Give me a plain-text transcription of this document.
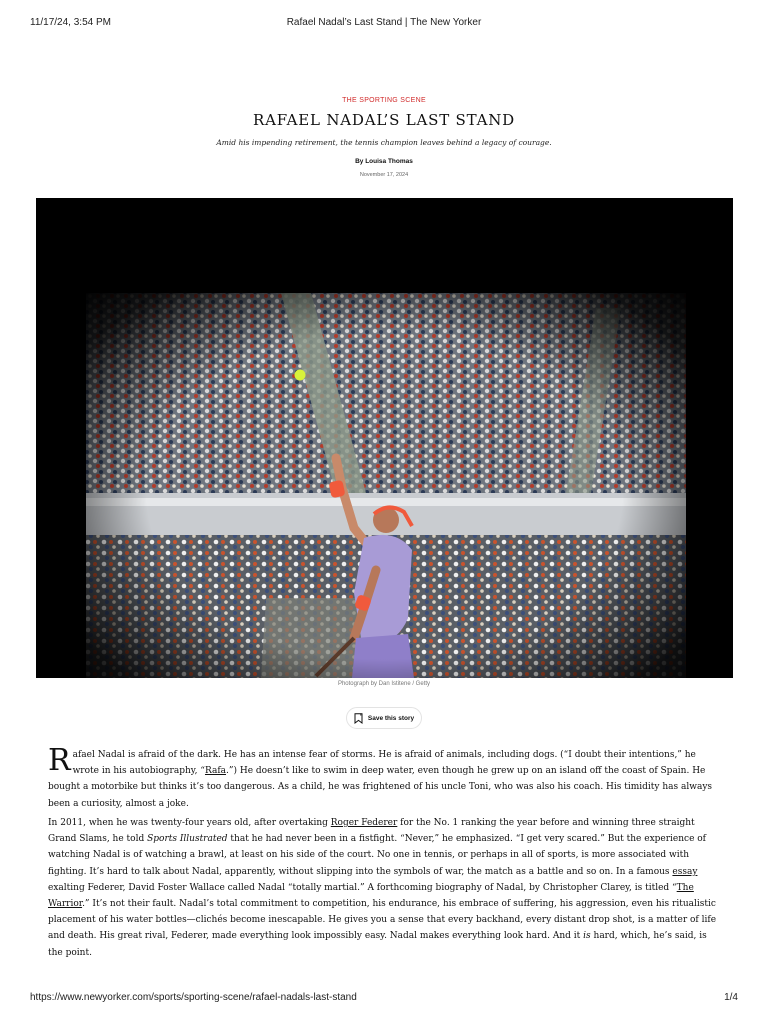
11/17/24, 3:54 PM	Rafael Nadal’s Last Stand | The New Yorker
THE SPORTING SCENE
RAFAEL NADAL’S LAST STAND
Amid his impending retirement, the tennis champion leaves behind a legacy of courage.
By Louisa Thomas
November 17, 2024
Photograph by Dan Istitene / Getty
Save this story
Rafael Nadal is afraid of the dark. He has an intense fear of storms. He is afraid of animals, including dogs. (“I doubt their intentions,” he wrote in his autobiography, “Rafa.”) He doesn’t like to swim in deep water, even though he grew up on an island off the coast of Spain. He bought a motorbike but thinks it’s too dangerous. As a child, he was frightened of his uncle Toni, who was also his coach. His timidity has always been a curiosity, almost a joke.
In 2011, when he was twenty-four years old, after overtaking Roger Federer for the No. 1 ranking the year before and winning three straight Grand Slams, he told Sports Illustrated that he had never been in a fistfight. “Never,” he emphasized. “I get very scared.” But the experience of watching Nadal is of watching a brawl, at least on his side of the court. No one in tennis, or perhaps in all of sports, is more associated with fighting. It’s hard to talk about Nadal, apparently, without slipping into the symbols of war, the match as a battle and so on. In a famous essay exalting Federer, David Foster Wallace called Nadal “totally martial.” A forthcoming biography of Nadal, by Christopher Clarey, is titled “The Warrior.” It’s not their fault. Nadal’s total commitment to competition, his endurance, his embrace of suffering, his aggression, even his ritualistic placement of his water bottles—clichés become inescapable. He gives you a sense that every backhand, every distant drop shot, is a matter of life and death. His great rival, Federer, made everything look impossibly easy. Nadal makes everything look hard. And it is hard, which, he’s said, is the point.
https://www.newyorker.com/sports/sporting-scene/rafael-nadals-last-stand	1/4
